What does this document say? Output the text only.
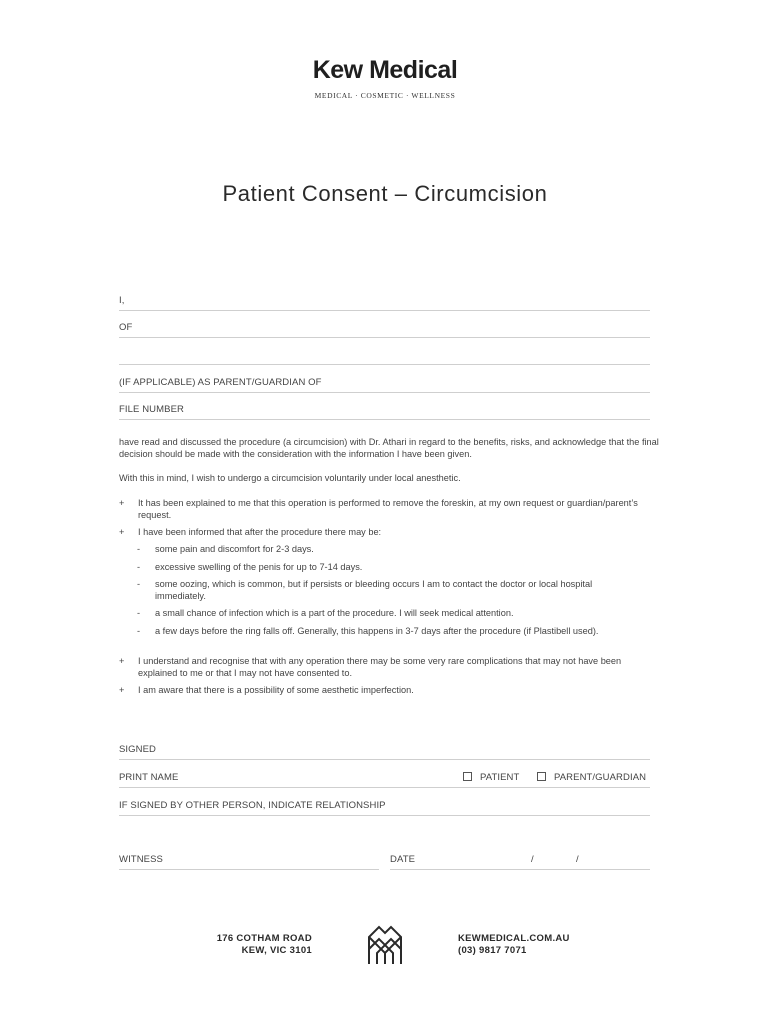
Kew Medical
MEDICAL · COSMETIC · WELLNESS
Patient Consent – Circumcision
I,
OF
(IF APPLICABLE) AS PARENT/GUARDIAN OF
FILE NUMBER
have read and discussed the procedure (a circumcision) with Dr. Athari in regard to the benefits, risks, and acknowledge that the final decision should be made with the consideration with the information I have been given.
With this in mind, I wish to undergo a circumcision voluntarily under local anesthetic.
+ It has been explained to me that this operation is performed to remove the foreskin, at my own request or guardian/parent’s request.
+ I have been informed that after the procedure there may be:
- some pain and discomfort for 2-3 days.
- excessive swelling of the penis for up to 7-14 days.
- some oozing, which is common, but if persists or bleeding occurs I am to contact the doctor or local hospital immediately.
- a small chance of infection which is a part of the procedure. I will seek medical attention.
- a few days before the ring falls off. Generally, this happens in 3-7 days after the procedure (if Plastibell used).
+ I understand and recognise that with any operation there may be some very rare complications that may not have been explained to me or that I may not have consented to.
+ I am aware that there is a possibility of some aesthetic imperfection.
SIGNED
PRINT NAME	PATIENT	PARENT/GUARDIAN
IF SIGNED BY OTHER PERSON, INDICATE RELATIONSHIP
WITNESS	DATE	/	/
176 COTHAM ROAD
KEW, VIC 3101
KEWMEDICAL.COM.AU
(03) 9817 7071
